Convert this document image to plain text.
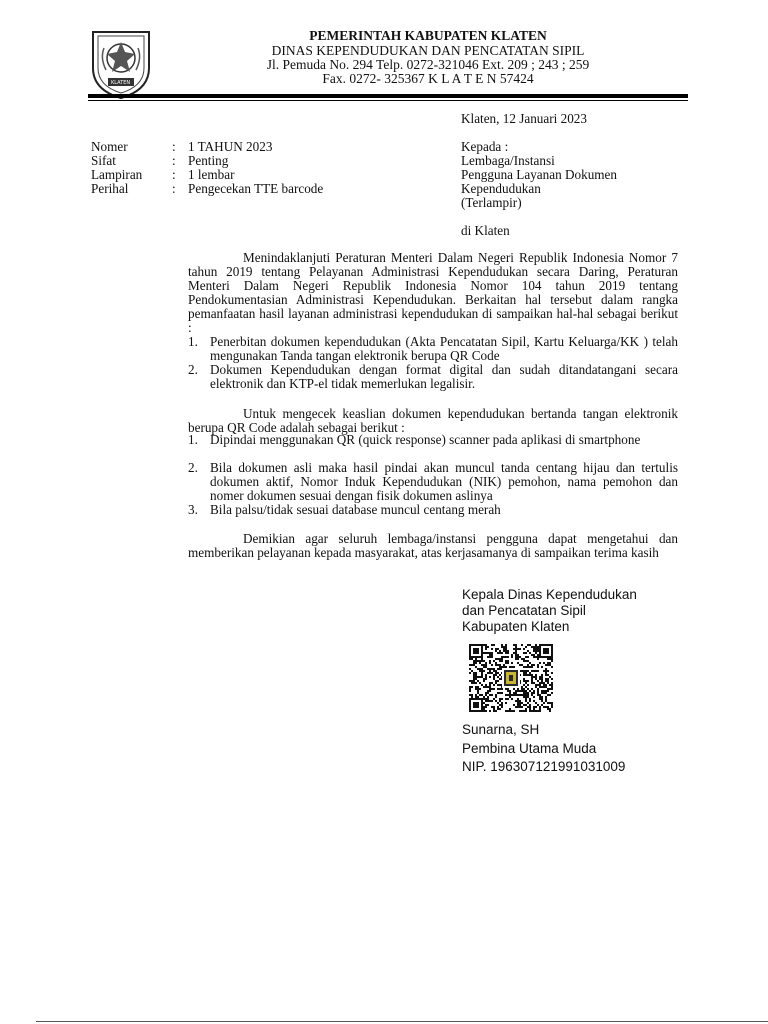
KLATEN
PEMERINTAH KABUPATEN KLATEN
DINAS KEPENDUDUKAN DAN PENCATATAN SIPIL
Jl. Pemuda No. 294 Telp. 0272-321046 Ext. 209 ; 243 ; 259
Fax. 0272- 325367 K L A T E N 57424
Klaten, 12 Januari 2023
Nomer	: 1 TAHUN 2023
Sifat	: Penting
Lampiran : 1 lembar
Perihal	: Pengecekan TTE barcode
Kepada :
Lembaga/Instansi
Pengguna Layanan Dokumen
Kependudukan
(Terlampir)
di Klaten

Menindaklanjuti Peraturan Menteri Dalam Negeri Republik Indonesia Nomor 7 tahun 2019 tentang Pelayanan Administrasi Kependudukan secara Daring, Peraturan Menteri Dalam Negeri Republik Indonesia Nomor 104 tahun 2019 tentang Pendokumentasian Administrasi Kependudukan. Berkaitan hal tersebut dalam rangka pemanfaatan hasil layanan administrasi kependudukan di sampaikan hal-hal sebagai berikut :

1. Penerbitan dokumen kependudukan (Akta Pencatatan Sipil, Kartu Keluarga/KK ) telah mengunakan Tanda tangan elektronik berupa QR Code
2. Dokumen Kependudukan dengan format digital dan sudah ditandatangani secara elektronik dan KTP-el tidak memerlukan legalisir.

Untuk mengecek keaslian dokumen kependudukan bertanda tangan elektronik berupa QR Code adalah sebagai berikut :

1. Dipindai menggunakan QR (quick response) scanner pada aplikasi di smartphone
2. Bila dokumen asli maka hasil pindai akan muncul tanda centang hijau dan tertulis dokumen aktif, Nomor Induk Kependudukan (NIK) pemohon, nama pemohon dan nomer dokumen sesuai dengan fisik dokumen aslinya
3. Bila palsu/tidak sesuai database muncul centang merah

Demikian agar seluruh lembaga/instansi pengguna dapat mengetahui dan memberikan pelayanan kepada masyarakat, atas kerjasamanya di sampaikan terima kasih

Kepala Dinas Kependudukan
dan Pencatatan Sipil
Kabupaten Klaten
Sunarna, SH
Pembina Utama Muda
NIP. 196307121991031009
